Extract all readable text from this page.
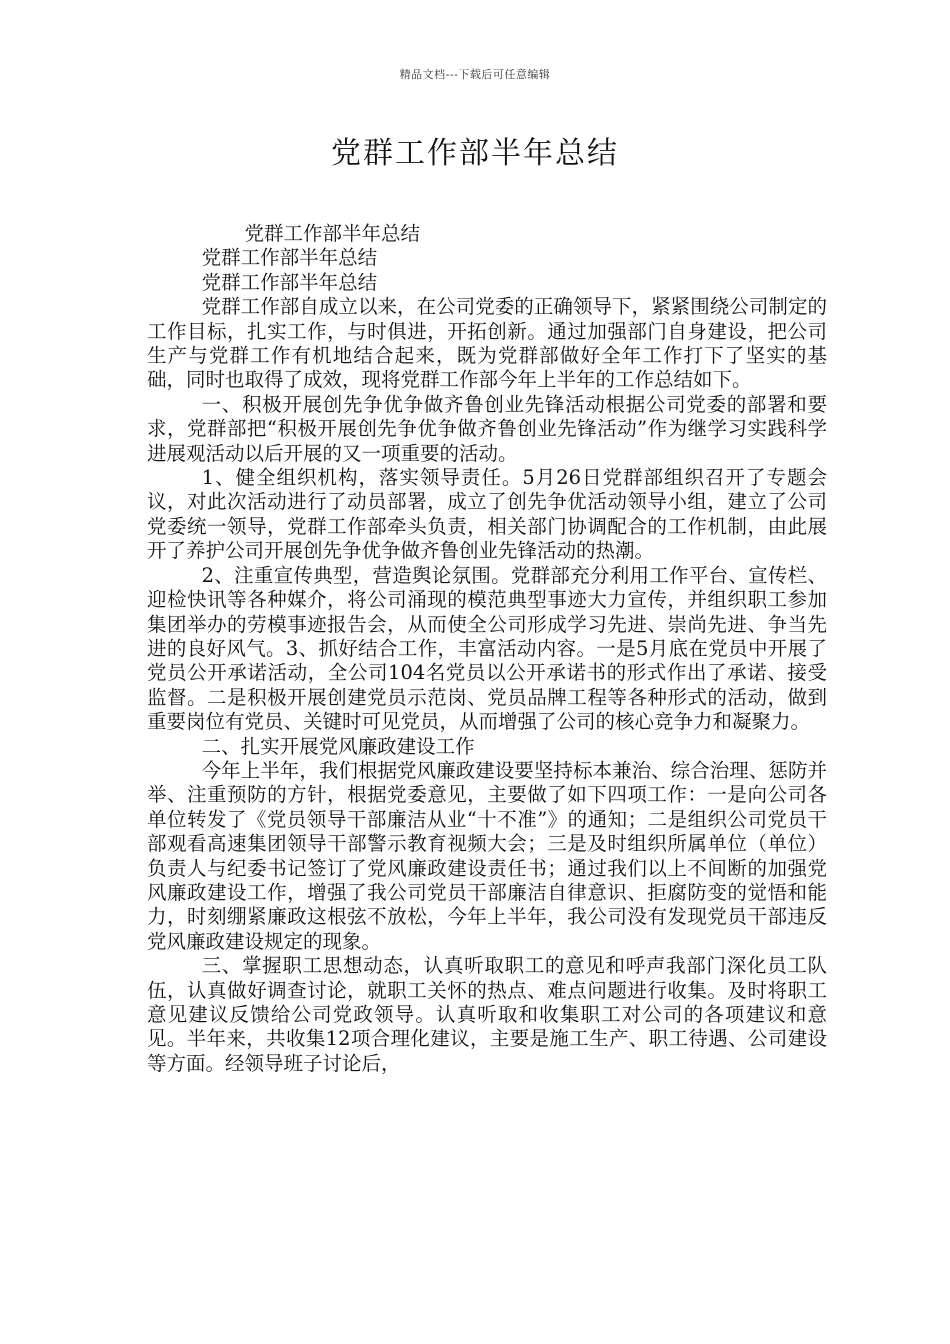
精品文档---下载后可任意编辑
党群工作部半年总结

党群工作部半年总结

党群工作部半年总结

党群工作部半年总结

党群工作部自成立以来，在公司党委的正确领导下，紧紧围绕公司制定的工作目标，扎实工作，与时俱进，开拓创新。通过加强部门自身建设，把公司生产与党群工作有机地结合起来，既为党群部做好全年工作打下了坚实的基础，同时也取得了成效，现将党群工作部今年上半年的工作总结如下。

一、积极开展创先争优争做齐鲁创业先锋活动根据公司党委的部署和要求，党群部把“积极开展创先争优争做齐鲁创业先锋活动”作为继学习实践科学进展观活动以后开展的又一项重要的活动。

1、健全组织机构，落实领导责任。5月26日党群部组织召开了专题会议，对此次活动进行了动员部署，成立了创先争优活动领导小组，建立了公司党委统一领导，党群工作部牵头负责，相关部门协调配合的工作机制，由此展开了养护公司开展创先争优争做齐鲁创业先锋活动的热潮。

2、注重宣传典型，营造舆论氛围。党群部充分利用工作平台、宣传栏、迎检快讯等各种媒介，将公司涌现的模范典型事迹大力宣传，并组织职工参加集团举办的劳模事迹报告会，从而使全公司形成学习先进、崇尚先进、争当先进的良好风气。3、抓好结合工作，丰富活动内容。一是5月底在党员中开展了党员公开承诺活动，全公司104名党员以公开承诺书的形式作出了承诺、接受监督。二是积极开展创建党员示范岗、党员品牌工程等各种形式的活动，做到重要岗位有党员、关键时可见党员，从而增强了公司的核心竞争力和凝聚力。

二、扎实开展党风廉政建设工作

今年上半年，我们根据党风廉政建设要坚持标本兼治、综合治理、惩防并举、注重预防的方针，根据党委意见，主要做了如下四项工作：一是向公司各单位转发了《党员领导干部廉洁从业“十不准”》的通知；二是组织公司党员干部观看高速集团领导干部警示教育视频大会；三是及时组织所属单位（单位）负责人与纪委书记签订了党风廉政建设责任书；通过我们以上不间断的加强党风廉政建设工作，增强了我公司党员干部廉洁自律意识、拒腐防变的觉悟和能力，时刻绷紧廉政这根弦不放松，今年上半年，我公司没有发现党员干部违反党风廉政建设规定的现象。

三、掌握职工思想动态，认真听取职工的意见和呼声我部门深化员工队伍，认真做好调查讨论，就职工关怀的热点、难点问题进行收集。及时将职工意见建议反馈给公司党政领导。认真听取和收集职工对公司的各项建议和意见。半年来，共收集12项合理化建议，主要是施工生产、职工待遇、公司建设等方面。经领导班子讨论后，
